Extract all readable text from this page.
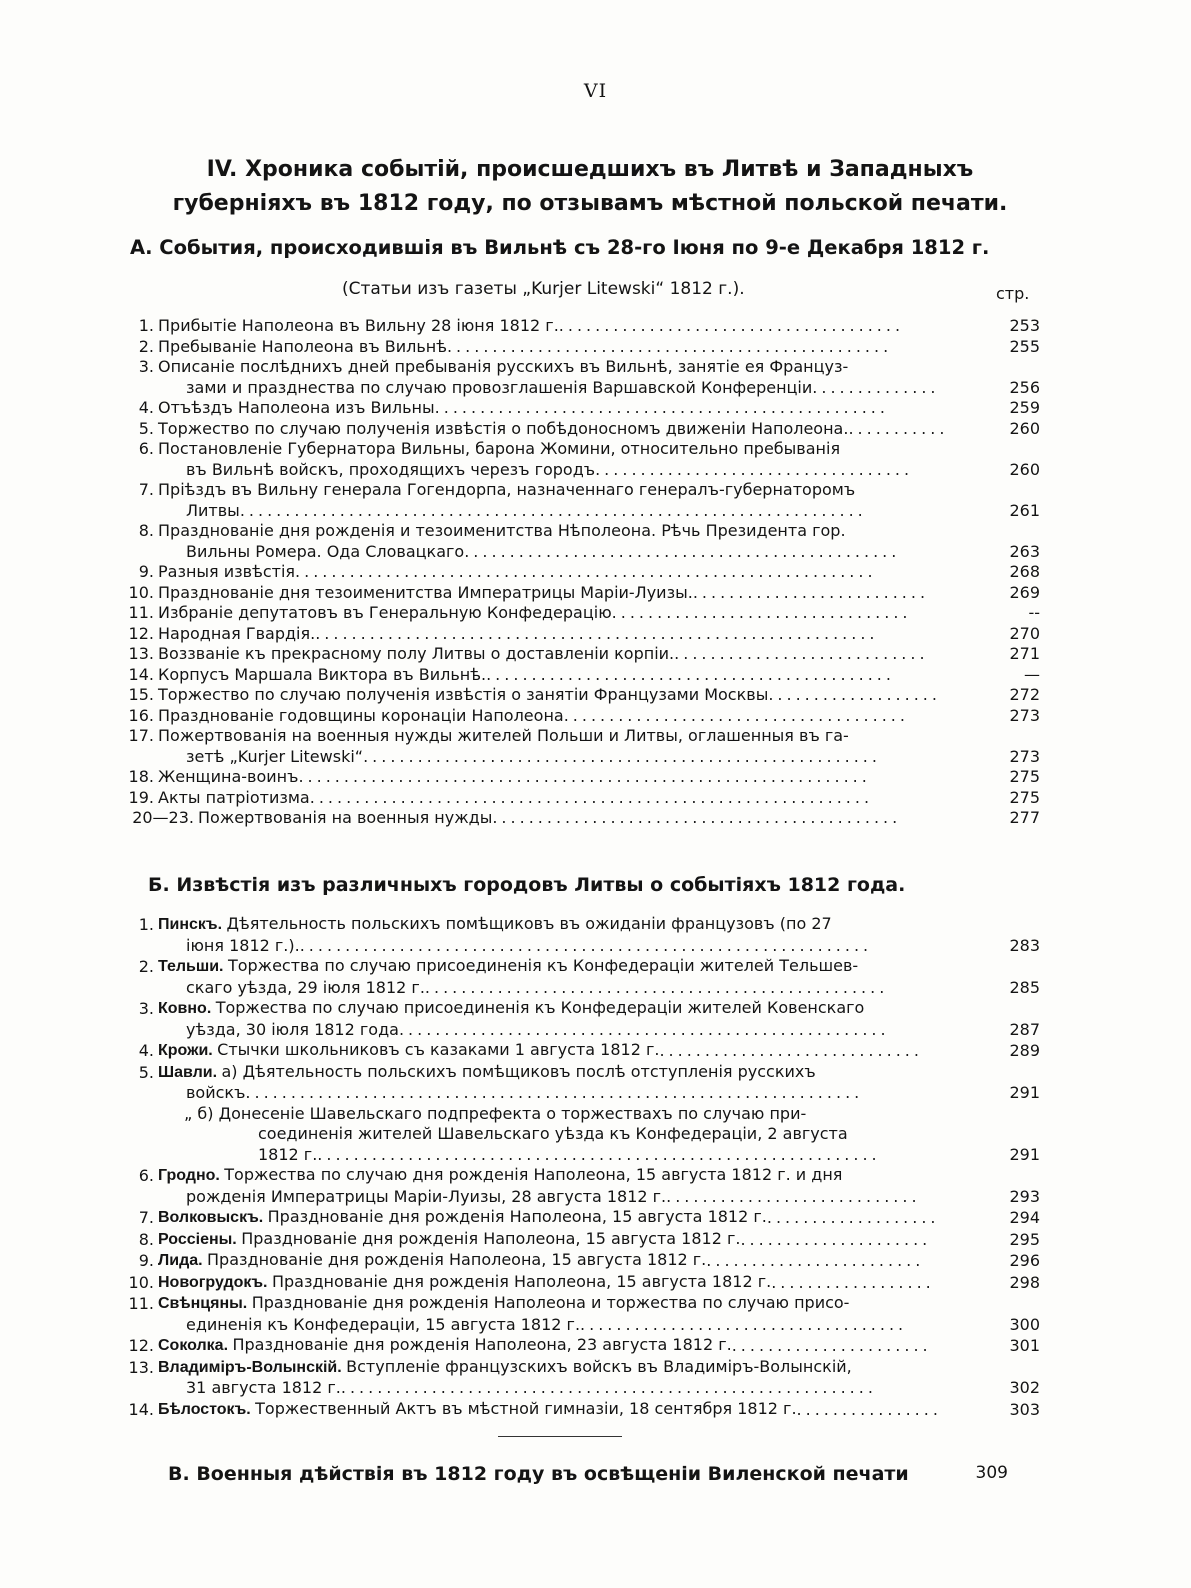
VI
IV. Хроника событій, происшедшихъ въ Литвѣ и Западныхъ губерніяхъ въ 1812 году, по отзывамъ мѣстной польской печати.
А. События, происходившія въ Вильнѣ съ 28-го Іюня по 9-е Декабря 1812 г.
(Статьи изъ газеты „Kurjer Litewski“ 1812 г.).	стр.
1. Прибытіе Наполеона въ Вильну 28 іюня 1812 г.......................................	253
2. Пребываніе Наполеона въ Вильнѣ.................................................	255
3. Описаніе послѣднихъ дней пребыванія русскихъ въ Вильнѣ, занятіе ея Француз-
зами и празднества по случаю провозглашенія Варшавской Конференціи..............	256
4. Отъѣздъ Наполеона изъ Вильны..................................................	259
5. Торжество по случаю полученія извѣстія о побѣдоносномъ движеніи Наполеона............	260
6. Постановленіе Губернатора Вильны, барона Жомини, относительно пребыванія
въ Вильнѣ войскъ, проходящихъ черезъ городъ...................................	260
7. Пріѣздъ въ Вильну генерала Гогендорпа, назначеннаго генералъ-губернаторомъ
Литвы.....................................................................	261
8. Празднованіе дня рожденія и тезоименитства Нѣполеона. Рѣчь Президента гор.
Вильны Ромера. Ода Словацкаго................................................	263
9. Разныя извѣстія................................................................	268
10. Празднованіе дня тезоименитства Императрицы Маріи-Луизы...........................	269
11. Избраніе депутатовъ въ Генеральную Конфедерацію.................................	--
12. Народная Гвардія...............................................................	270
13. Воззваніе къ прекрасному полу Литвы о доставленіи корпіи.............................	271
14. Корпусъ Маршала Виктора въ Вильнѣ..............................................	—
15. Торжество по случаю полученія извѣстія о занятіи Французами Москвы...................	272
16. Празднованіе годовщины коронаціи Наполеона......................................	273
17. Пожертвованія на военныя нужды жителей Польши и Литвы, оглашенныя въ га-
зетѣ „Kurjer Litewski“.........................................................	273
18. Женщина-воинъ...............................................................	275
19. Акты патріотизма..............................................................	275
20—23. Пожертвованія на военныя нужды.............................................	277
Б. Извѣстія изъ различныхъ городовъ Литвы о событіяхъ 1812 года.
1. Пинскъ. Дѣятельность польскихъ помѣщиковъ въ ожиданіи французовъ (по 27
іюня 1812 г.)................................................................	283
2. Тельши. Торжества по случаю присоединенія къ Конфедераціи жителей Тельшев-
скаго уѣзда, 29 іюля 1812 г....................................................	285
3. Ковно. Торжества по случаю присоединенія къ Конфедераціи жителей Ковенскаго
уѣзда, 30 іюля 1812 года......................................................	287
4. Крожи. Стычки школьниковъ съ казаками 1 августа 1812 г..............................	289
5. Шавли. а) Дѣятельность польскихъ помѣщиковъ послѣ отступленія русскихъ
войскъ....................................................................	291
„ б) Донесеніе Шавельскаго подпрефекта о торжествахъ по случаю при-
соединенія жителей Шавельскаго уѣзда къ Конфедераціи, 2 августа
1812 г...............................................................	291
6. Гродно. Торжества по случаю дня рожденія Наполеона, 15 августа 1812 г. и дня
рожденія Императрицы Маріи-Луизы, 28 августа 1812 г.............................	293
7. Волковыскъ. Празднованіе дня рожденія Наполеона, 15 августа 1812 г....................	294
8. Россіены. Празднованіе дня рожденія Наполеона, 15 августа 1812 г......................	295
9. Лида. Празднованіе дня рожденія Наполеона, 15 августа 1812 г.........................	296
10. Новогрудокъ. Празднованіе дня рожденія Наполеона, 15 августа 1812 г...................	298
11. Свѣнцяны. Празднованіе дня рожденія Наполеона и торжества по случаю присо-
единенія къ Конфедераціи, 15 августа 1812 г.....................................	300
12. Соколка. Празднованіе дня рожденія Наполеона, 23 августа 1812 г.......................	301
13. Владиміръ-Волынскій. Вступленіе французскихъ войскъ въ Владиміръ-Волынскій,
31 августа 1812 г............................................................	302
14. Бѣлостокъ. Торжественный Актъ въ мѣстной гимназіи, 18 сентября 1812 г.................	303
В. Военныя дѣйствія въ 1812 году въ освѣщеніи Виленской печати	309
